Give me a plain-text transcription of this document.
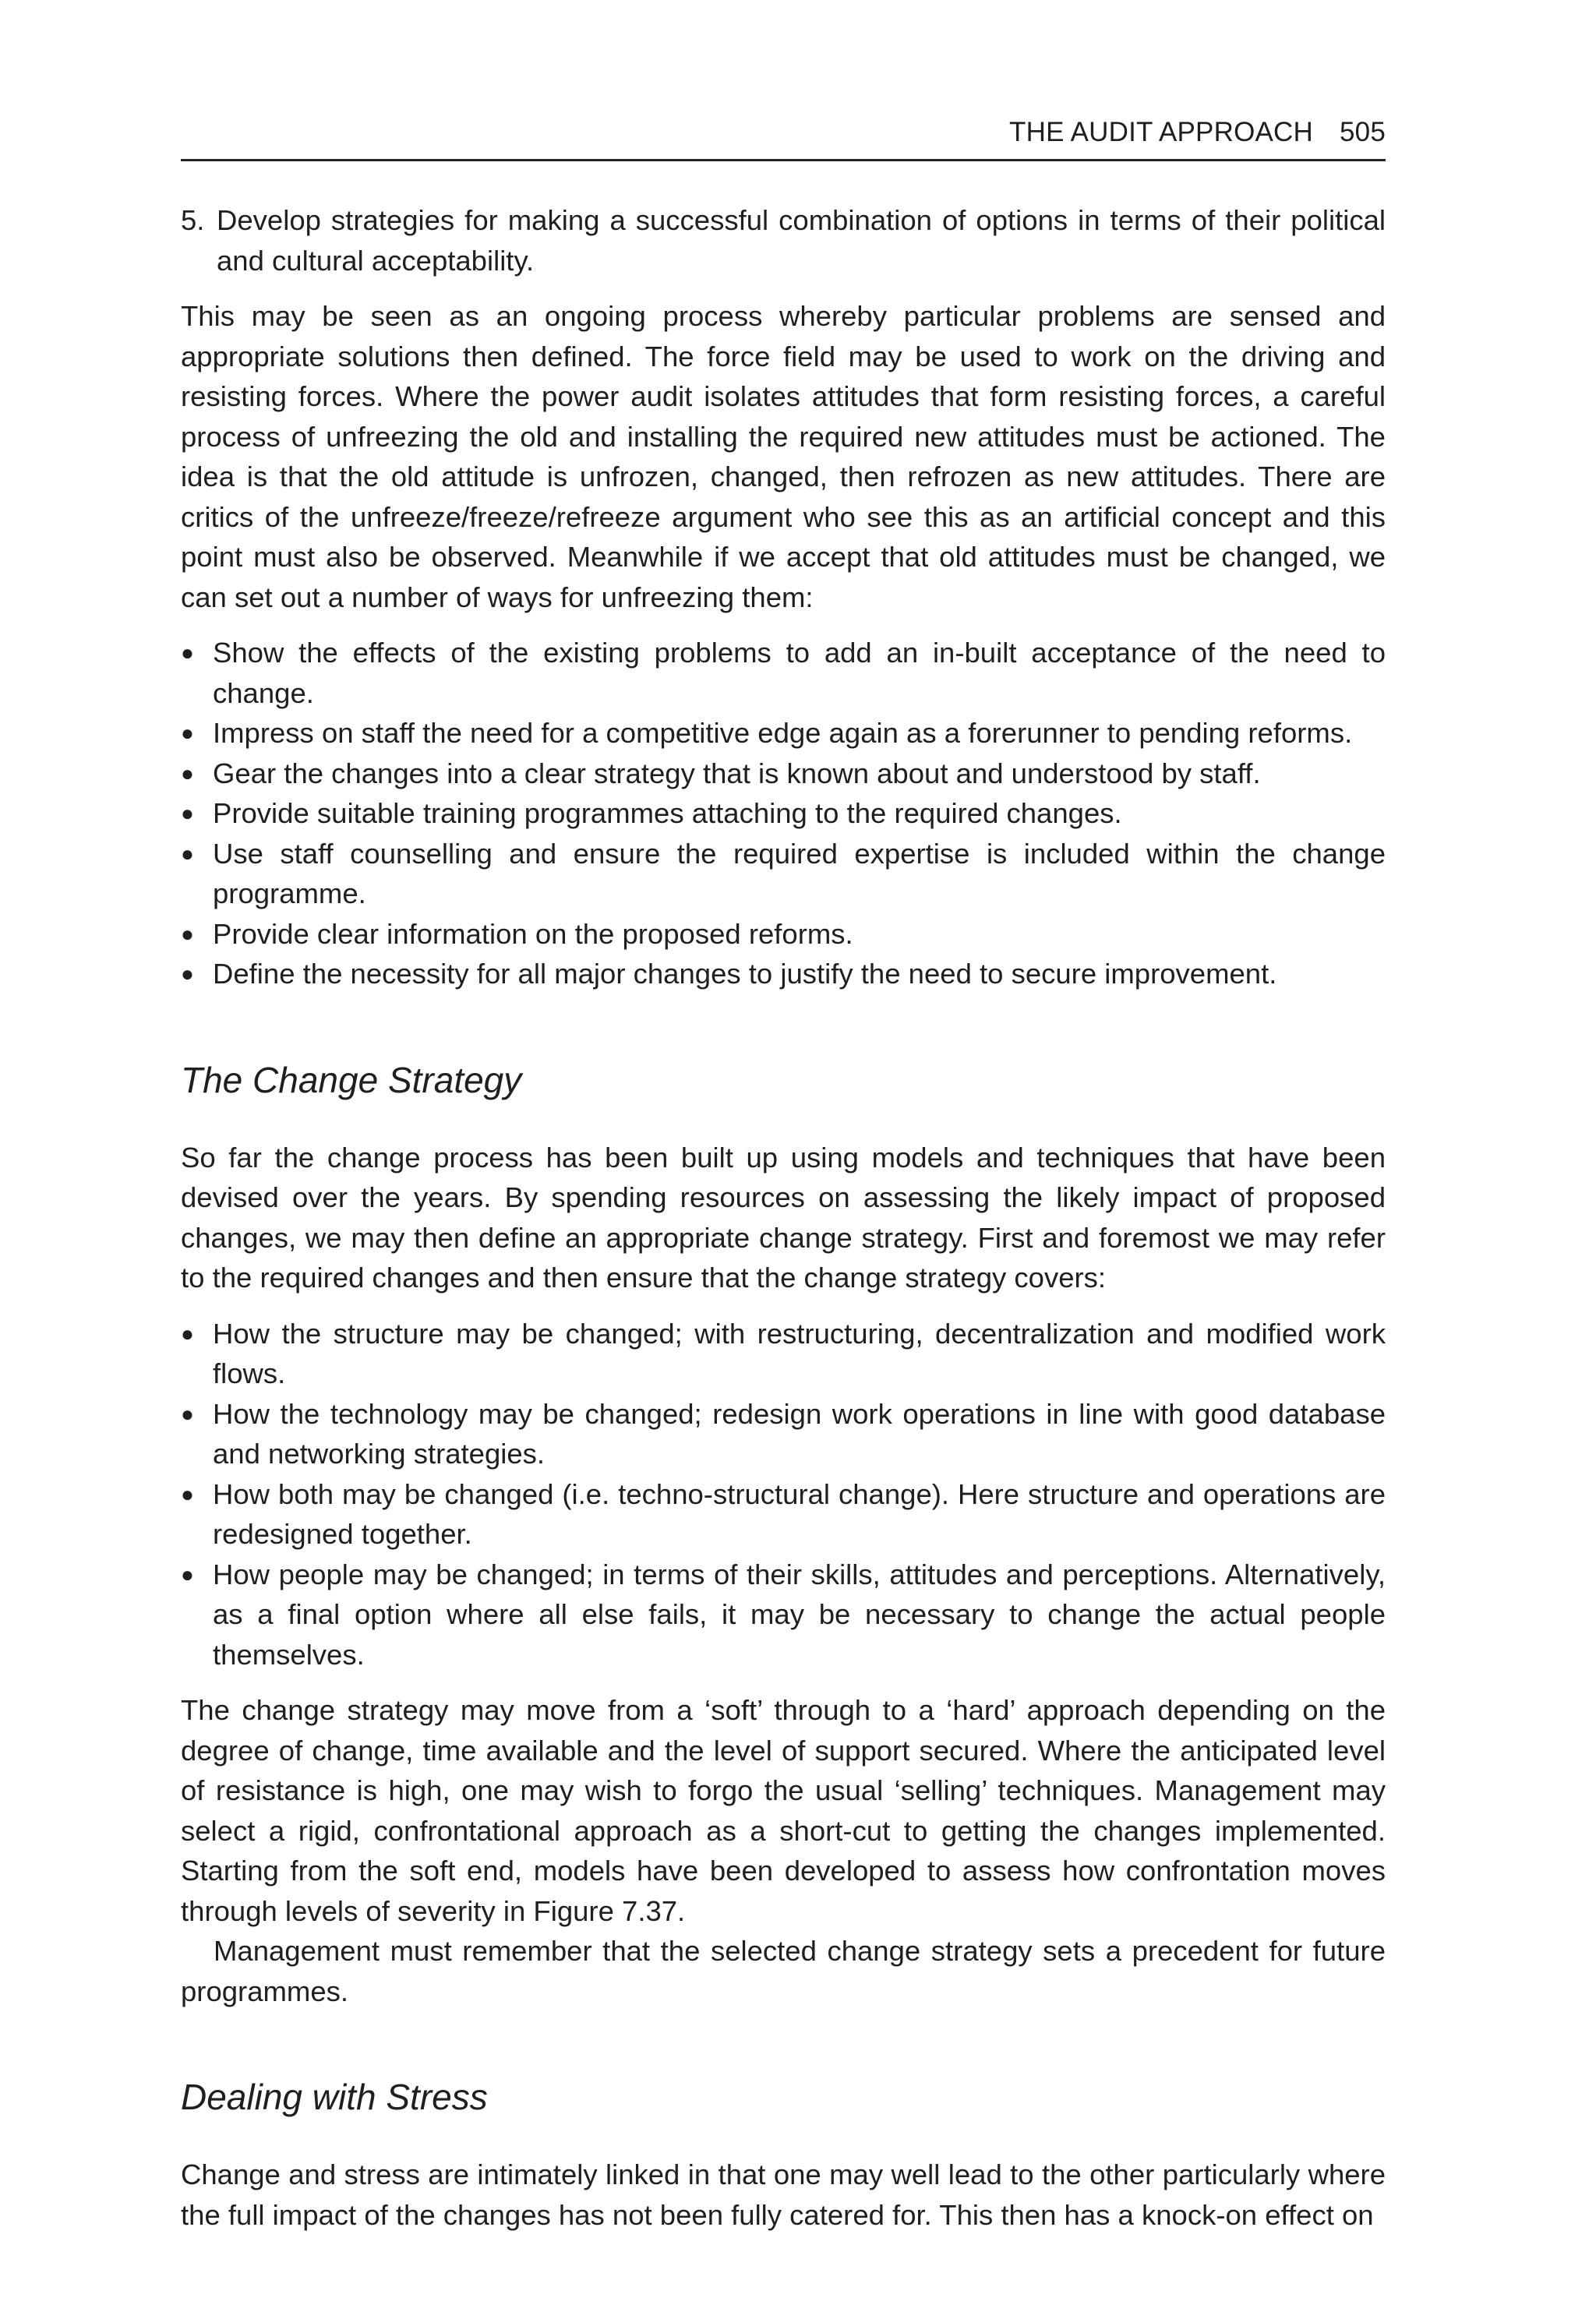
THE AUDIT APPROACH 505
5. Develop strategies for making a successful combination of options in terms of their political and cultural acceptability.

This may be seen as an ongoing process whereby particular problems are sensed and appropriate solutions then defined. The force field may be used to work on the driving and resisting forces. Where the power audit isolates attitudes that form resisting forces, a careful process of unfreezing the old and installing the required new attitudes must be actioned. The idea is that the old attitude is unfrozen, changed, then refrozen as new attitudes. There are critics of the unfreeze/freeze/refreeze argument who see this as an artificial concept and this point must also be observed. Meanwhile if we accept that old attitudes must be changed, we can set out a number of ways for unfreezing them:

● Show the effects of the existing problems to add an in-built acceptance of the need to change.
● Impress on staff the need for a competitive edge again as a forerunner to pending reforms.
● Gear the changes into a clear strategy that is known about and understood by staff.
● Provide suitable training programmes attaching to the required changes.
● Use staff counselling and ensure the required expertise is included within the change programme.
● Provide clear information on the proposed reforms.
● Define the necessity for all major changes to justify the need to secure improvement.
The Change Strategy

So far the change process has been built up using models and techniques that have been devised over the years. By spending resources on assessing the likely impact of proposed changes, we may then define an appropriate change strategy. First and foremost we may refer to the required changes and then ensure that the change strategy covers:

● How the structure may be changed; with restructuring, decentralization and modified work flows.
● How the technology may be changed; redesign work operations in line with good database and networking strategies.
● How both may be changed (i.e. techno-structural change). Here structure and operations are redesigned together.
● How people may be changed; in terms of their skills, attitudes and perceptions. Alternatively, as a final option where all else fails, it may be necessary to change the actual people themselves.

The change strategy may move from a ‘soft’ through to a ‘hard’ approach depending on the degree of change, time available and the level of support secured. Where the anticipated level of resistance is high, one may wish to forgo the usual ‘selling’ techniques. Management may select a rigid, confrontational approach as a short-cut to getting the changes implemented. Starting from the soft end, models have been developed to assess how confrontation moves through levels of severity in Figure 7.37.

Management must remember that the selected change strategy sets a precedent for future programmes.

Dealing with Stress

Change and stress are intimately linked in that one may well lead to the other particularly where the full impact of the changes has not been fully catered for. This then has a knock-on effect on
